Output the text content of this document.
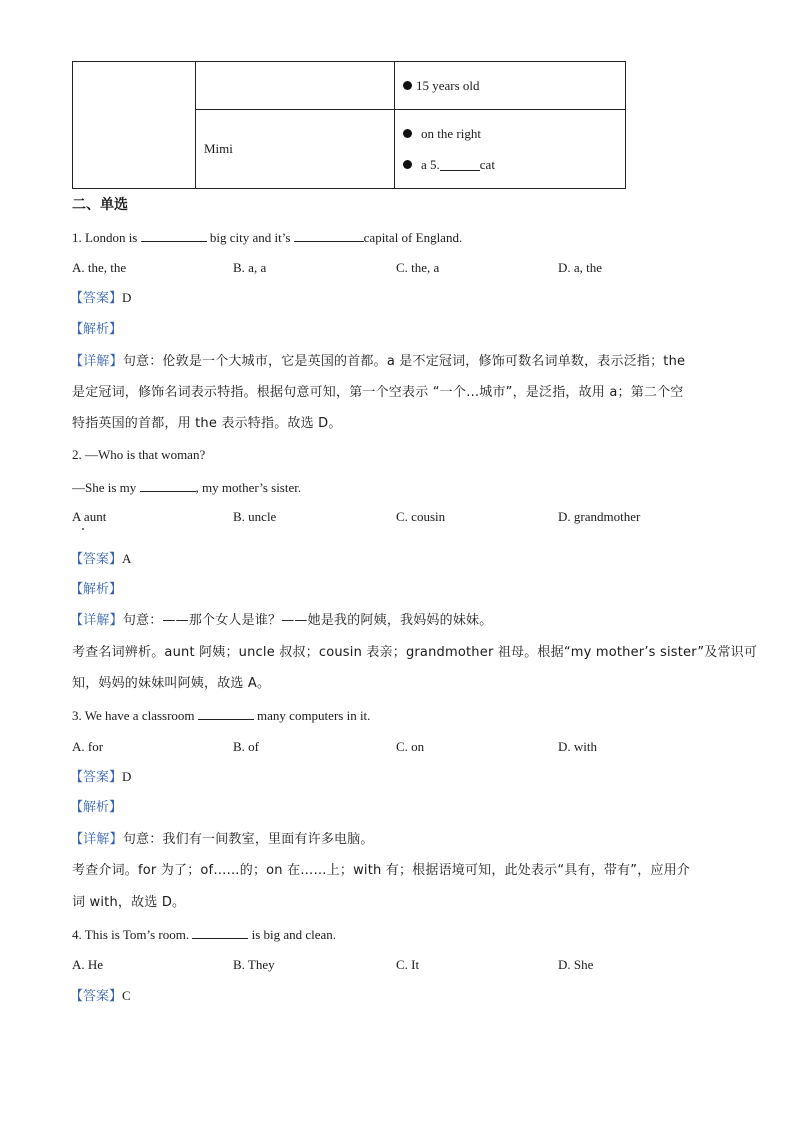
		15 years old

	Mimi	on the right
a 5. cat
二、单选
1. London is	big city and it’s	capital of England.
A. the, the	B. a, a	C. the, a	D. a, the
【答案】D
【解析】
【详解】句意：伦敦是一个大城市，它是英国的首都。a 是不定冠词，修饰可数名词单数，表示泛指；the
是定冠词，修饰名词表示特指。根据句意可知，第一个空表示 “一个…城市”，是泛指，故用 a；第二个空
特指英国的首都，用 the 表示特指。故选 D。
2. —Who is that woman?
—She is my	, my mother’s sister.
A aunt	B. uncle	C. cousin	D. grandmother
【答案】A
【解析】
【详解】句意：——那个女人是谁？——她是我的阿姨，我妈妈的妹妹。
考查名词辨析。aunt 阿姨；uncle 叔叔；cousin 表亲；grandmother 祖母。根据“my mother’s sister”及常识可
知，妈妈的妹妹叫阿姨，故选 A。
3. We have a classroom	many computers in it.
A. for	B. of	C. on	D. with
【答案】D
【解析】
【详解】句意：我们有一间教室，里面有许多电脑。
考查介词。for 为了；of……的；on 在……上；with 有；根据语境可知，此处表示“具有，带有”，应用介
词 with，故选 D。
4. This is Tom’s room.	is big and clean.
A. He	B. They	C. It	D. She
【答案】C
